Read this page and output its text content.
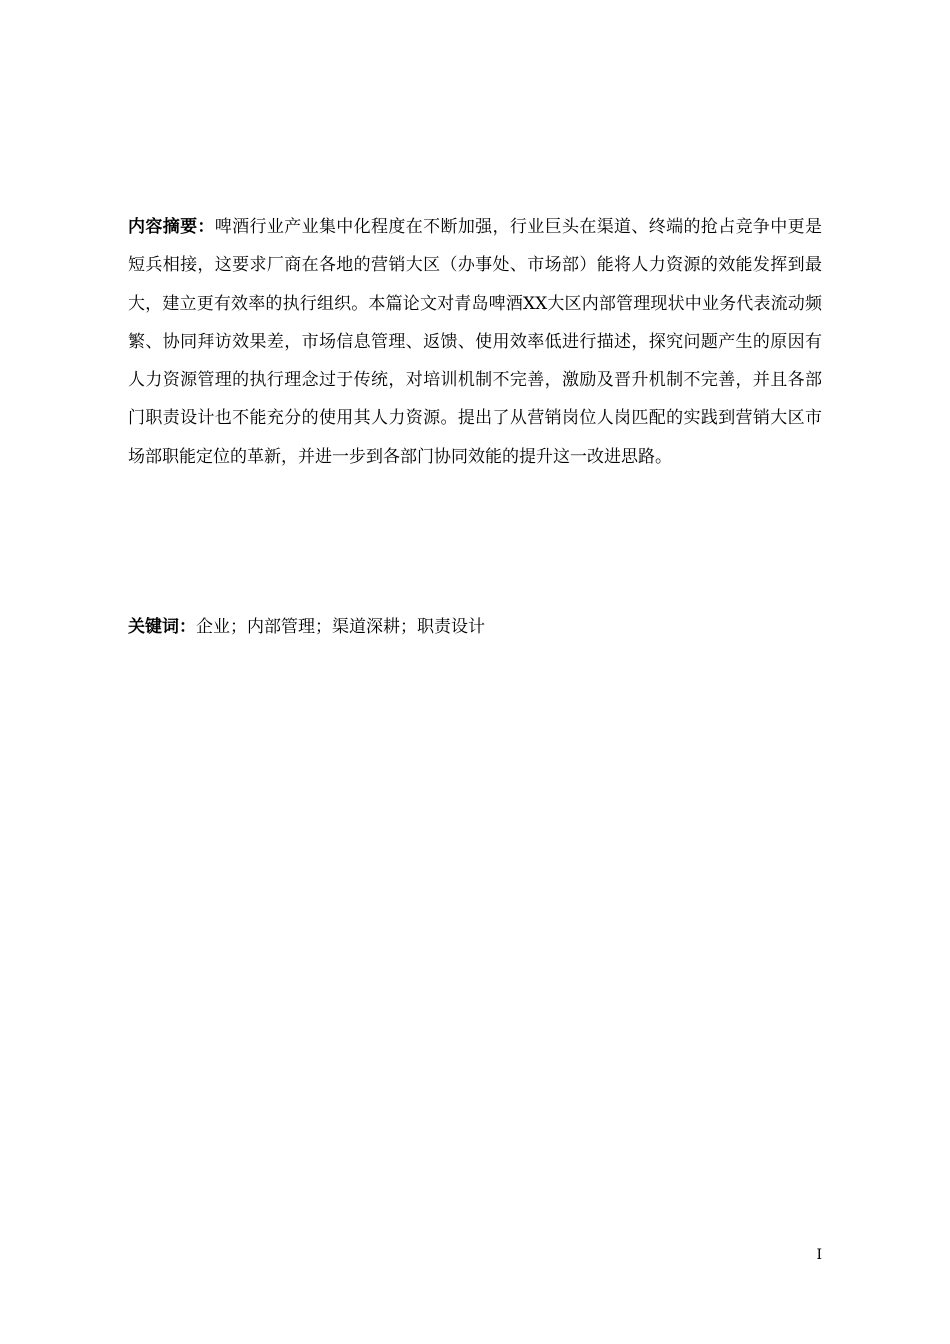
内容摘要：啤酒行业产业集中化程度在不断加强，行业巨头在渠道、终端的抢占竞争中更是短兵相接，这要求厂商在各地的营销大区（办事处、市场部）能将人力资源的效能发挥到最大，建立更有效率的执行组织。本篇论文对青岛啤酒XX大区内部管理现状中业务代表流动频繁、协同拜访效果差，市场信息管理、返馈、使用效率低进行描述，探究问题产生的原因有人力资源管理的执行理念过于传统，对培训机制不完善，激励及晋升机制不完善，并且各部门职责设计也不能充分的使用其人力资源。提出了从营销岗位人岗匹配的实践到营销大区市场部职能定位的革新，并进一步到各部门协同效能的提升这一改进思路。

关键词：企业；内部管理；渠道深耕；职责设计

I
